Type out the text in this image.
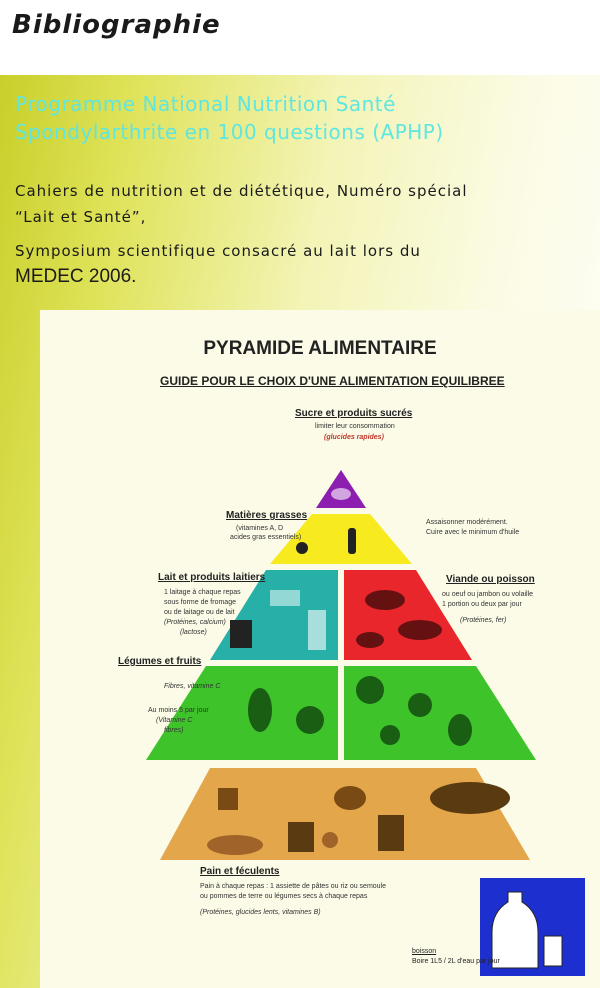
Bibliographie
Programme National Nutrition Santé
Spondylarthrite en 100 questions (APHP)
Cahiers de nutrition et de diététique, Numéro spécial
“Lait et Santé”,
Symposium scientifique consacré au lait lors du
MEDEC 2006.
PYRAMIDE ALIMENTAIRE
GUIDE POUR LE CHOIX D'UNE ALIMENTATION EQUILIBREE
Sucre et produits sucrés
limiter leur consommation
(glucides rapides)
Matières grasses
(vitamines A, D
acides gras essentiels)
Assaisonner modérément.
Cuire avec le minimum d'huile
Lait et produits laitiers
1 laitage à chaque repas
sous forme de fromage
ou de laitage ou de lait
(Protéines, calcium)
(lactose)
Viande ou poisson
ou oeuf ou jambon ou volaille
1 portion ou deux par jour
(Protéines, fer)
Légumes et fruits
Fibres, vitamine C
Au moins 5 par jour
(Vitamine C
fibres)
Pain et féculents
Pain à chaque repas : 1 assiette de pâtes ou riz ou semoule
ou pommes de terre ou légumes secs à chaque repas
(Protéines, glucides lents, vitamines B)
boisson
Boire 1L5 / 2L d'eau par jour
